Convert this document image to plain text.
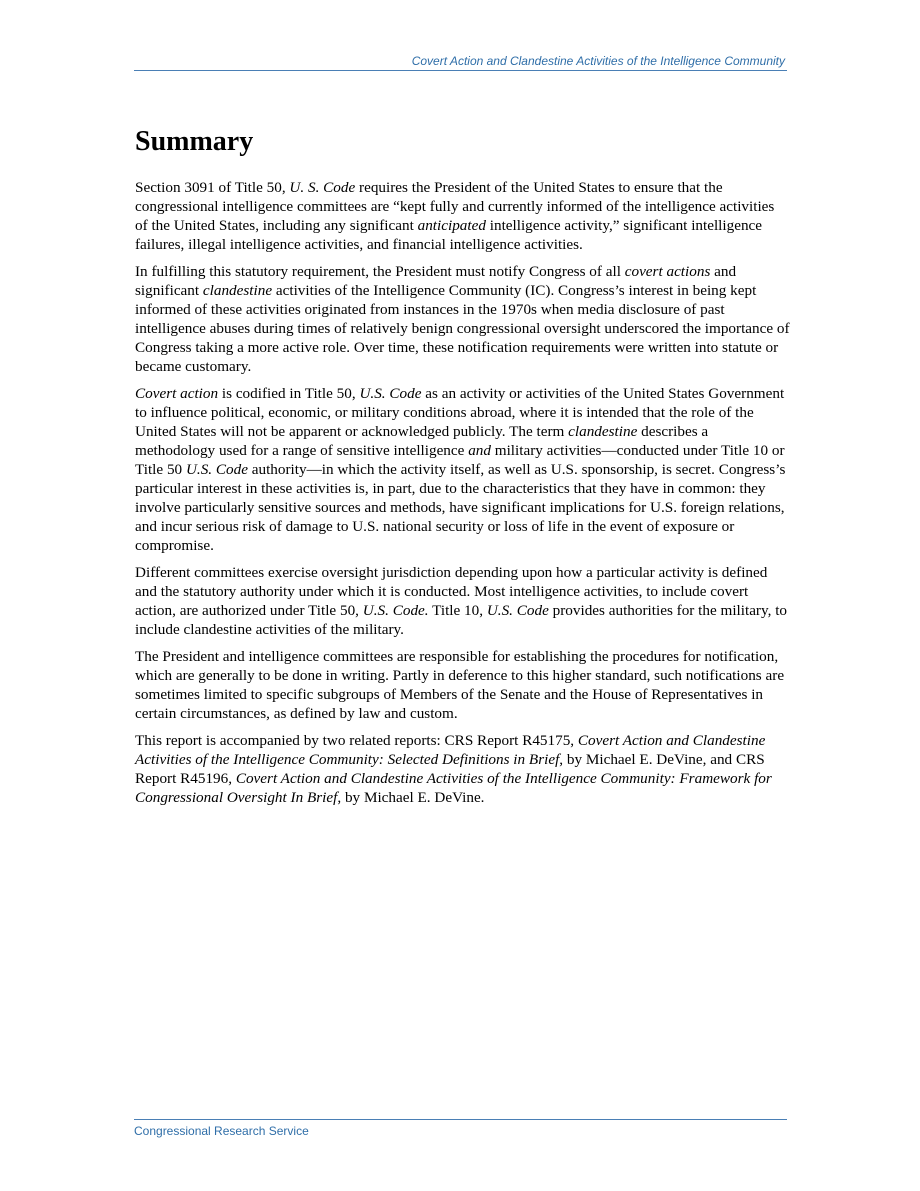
Covert Action and Clandestine Activities of the Intelligence Community
Summary

Section 3091 of Title 50, U. S. Code requires the President of the United States to ensure that the congressional intelligence committees are “kept fully and currently informed of the intelligence activities of the United States, including any significant anticipated intelligence activity,” significant intelligence failures, illegal intelligence activities, and financial intelligence activities.

In fulfilling this statutory requirement, the President must notify Congress of all covert actions and significant clandestine activities of the Intelligence Community (IC). Congress’s interest in being kept informed of these activities originated from instances in the 1970s when media disclosure of past intelligence abuses during times of relatively benign congressional oversight underscored the importance of Congress taking a more active role. Over time, these notification requirements were written into statute or became customary.

Covert action is codified in Title 50, U.S. Code as an activity or activities of the United States Government to influence political, economic, or military conditions abroad, where it is intended that the role of the United States will not be apparent or acknowledged publicly. The term clandestine describes a methodology used for a range of sensitive intelligence and military activities—conducted under Title 10 or Title 50 U.S. Code authority—in which the activity itself, as well as U.S. sponsorship, is secret. Congress’s particular interest in these activities is, in part, due to the characteristics that they have in common: they involve particularly sensitive sources and methods, have significant implications for U.S. foreign relations, and incur serious risk of damage to U.S. national security or loss of life in the event of exposure or compromise.

Different committees exercise oversight jurisdiction depending upon how a particular activity is defined and the statutory authority under which it is conducted. Most intelligence activities, to include covert action, are authorized under Title 50, U.S. Code. Title 10, U.S. Code provides authorities for the military, to include clandestine activities of the military.

The President and intelligence committees are responsible for establishing the procedures for notification, which are generally to be done in writing. Partly in deference to this higher standard, such notifications are sometimes limited to specific subgroups of Members of the Senate and the House of Representatives in certain circumstances, as defined by law and custom.

This report is accompanied by two related reports: CRS Report R45175, Covert Action and Clandestine Activities of the Intelligence Community: Selected Definitions in Brief, by Michael E. DeVine, and CRS Report R45196, Covert Action and Clandestine Activities of the Intelligence Community: Framework for Congressional Oversight In Brief, by Michael E. DeVine.

Congressional Research Service
